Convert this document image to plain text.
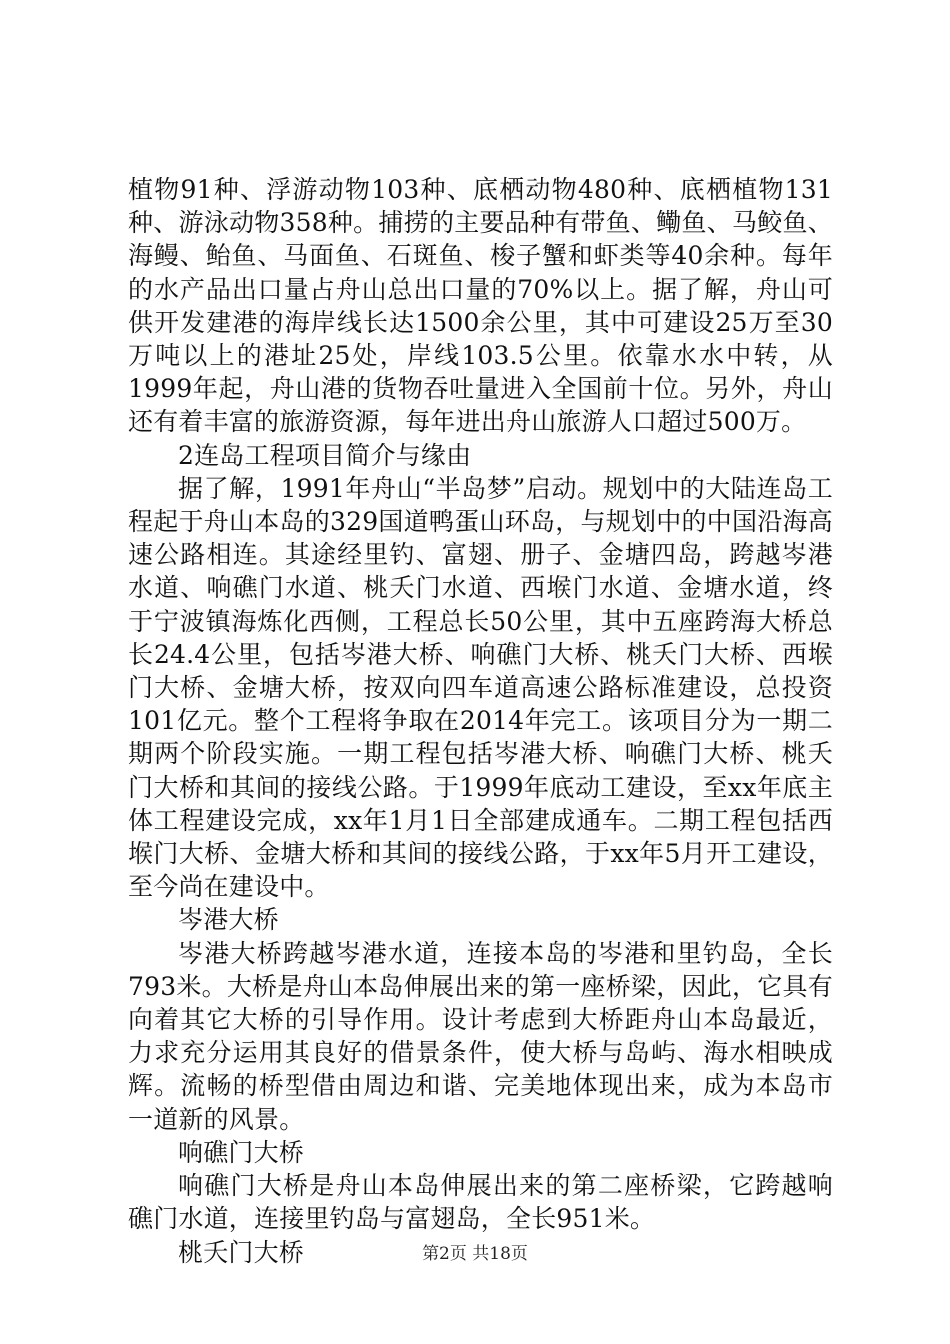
植物91种、浮游动物103种、底栖动物480种、底栖植物131种、游泳动物358种。捕捞的主要品种有带鱼、鳓鱼、马鲛鱼、海鳗、鲐鱼、马面鱼、石斑鱼、梭子蟹和虾类等40余种。每年的水产品出口量占舟山总出口量的70%以上。据了解，舟山可供开发建港的海岸线长达1500余公里，其中可建设25万至30万吨以上的港址25处，岸线103.5公里。依靠水水中转，从1999年起，舟山港的货物吞吐量进入全国前十位。另外，舟山还有着丰富的旅游资源，每年进出舟山旅游人口超过500万。

2连岛工程项目简介与缘由

据了解，1991年舟山“半岛梦”启动。规划中的大陆连岛工程起于舟山本岛的329国道鸭蛋山环岛，与规划中的中国沿海高速公路相连。其途经里钓、富翅、册子、金塘四岛，跨越岑港水道、响礁门水道、桃夭门水道、西堠门水道、金塘水道，终于宁波镇海炼化西侧，工程总长50公里，其中五座跨海大桥总长24.4公里，包括岑港大桥、响礁门大桥、桃夭门大桥、西堠门大桥、金塘大桥，按双向四车道高速公路标准建设，总投资101亿元。整个工程将争取在2014年完工。该项目分为一期二期两个阶段实施。一期工程包括岑港大桥、响礁门大桥、桃夭门大桥和其间的接线公路。于1999年底动工建设，至xx年底主体工程建设完成，xx年1月1日全部建成通车。二期工程包括西堠门大桥、金塘大桥和其间的接线公路，于xx年5月开工建设，至今尚在建设中。

岑港大桥

岑港大桥跨越岑港水道，连接本岛的岑港和里钓岛，全长793米。大桥是舟山本岛伸展出来的第一座桥梁，因此，它具有向着其它大桥的引导作用。设计考虑到大桥距舟山本岛最近，力求充分运用其良好的借景条件，使大桥与岛屿、海水相映成辉。流畅的桥型借由周边和谐、完美地体现出来，成为本岛市一道新的风景。

响礁门大桥

响礁门大桥是舟山本岛伸展出来的第二座桥梁，它跨越响礁门水道，连接里钓岛与富翅岛，全长951米。

桃夭门大桥	第2页 共18页
